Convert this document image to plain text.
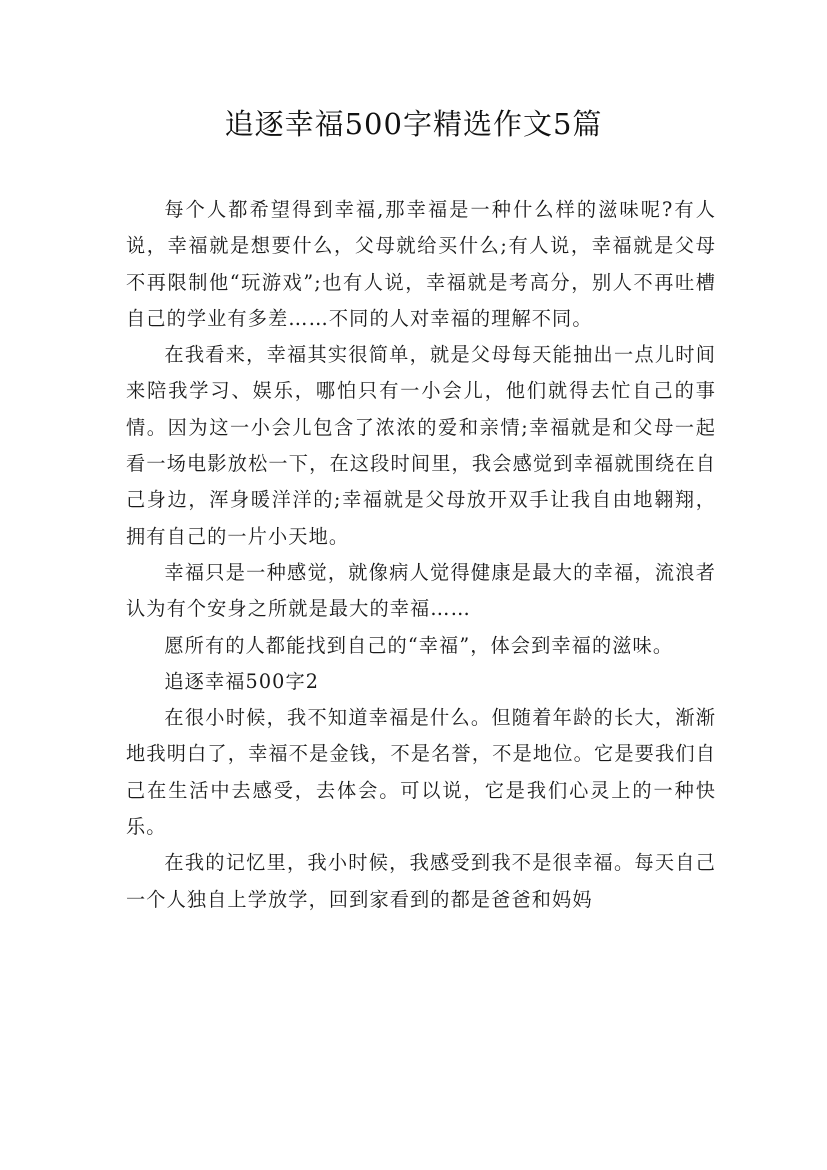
追逐幸福500字精选作文5篇

每个人都希望得到幸福,那幸福是一种什么样的滋味呢?有人说，幸福就是想要什么，父母就给买什么;有人说，幸福就是父母不再限制他“玩游戏”;也有人说，幸福就是考高分，别人不再吐槽自己的学业有多差……不同的人对幸福的理解不同。

在我看来，幸福其实很简单，就是父母每天能抽出一点儿时间来陪我学习、娱乐，哪怕只有一小会儿，他们就得去忙自己的事情。因为这一小会儿包含了浓浓的爱和亲情;幸福就是和父母一起看一场电影放松一下，在这段时间里，我会感觉到幸福就围绕在自己身边，浑身暖洋洋的;幸福就是父母放开双手让我自由地翱翔，拥有自己的一片小天地。

幸福只是一种感觉，就像病人觉得健康是最大的幸福，流浪者认为有个安身之所就是最大的幸福……

愿所有的人都能找到自己的“幸福”，体会到幸福的滋味。

追逐幸福500字2

在很小时候，我不知道幸福是什么。但随着年龄的长大，渐渐地我明白了，幸福不是金钱，不是名誉，不是地位。它是要我们自己在生活中去感受，去体会。可以说，它是我们心灵上的一种快乐。

在我的记忆里，我小时候，我感受到我不是很幸福。每天自己一个人独自上学放学，回到家看到的都是爸爸和妈妈
